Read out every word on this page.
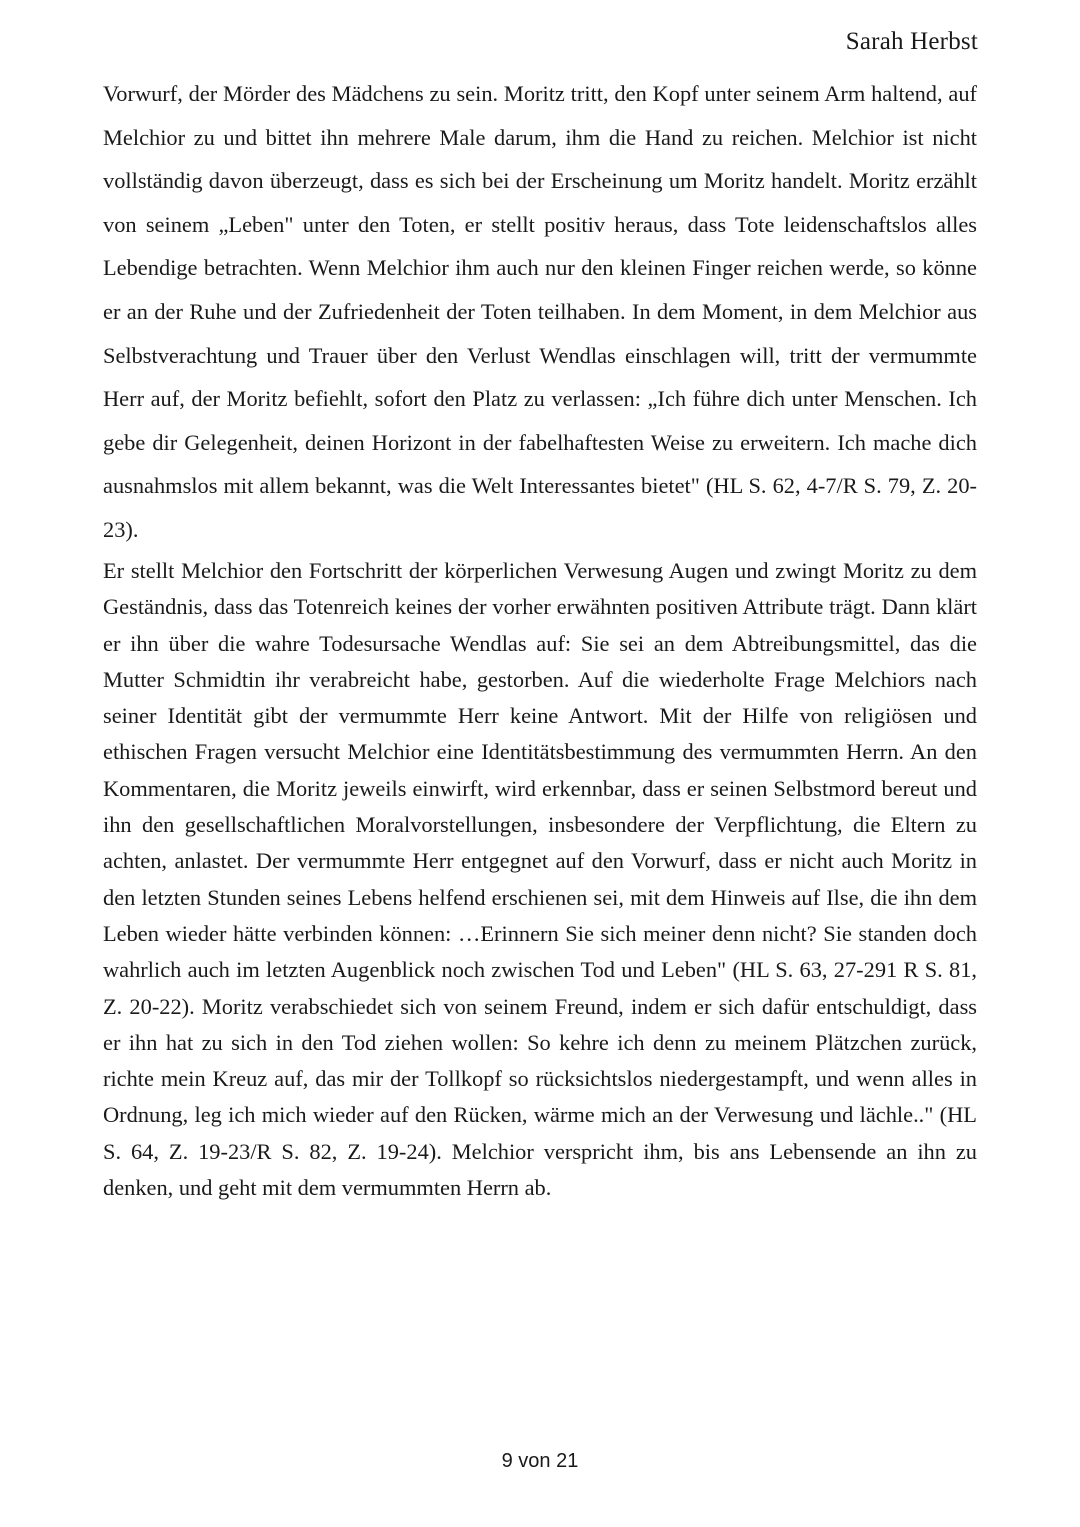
Sarah Herbst

Vorwurf, der Mörder des Mädchens zu sein. Moritz tritt, den Kopf unter seinem Arm haltend, auf Melchior zu und bittet ihn mehrere Male darum, ihm die Hand zu reichen. Melchior ist nicht vollständig davon überzeugt, dass es sich bei der Erscheinung um Moritz handelt. Moritz erzählt von seinem „Leben" unter den Toten, er stellt positiv heraus, dass Tote leidenschaftslos alles Lebendige betrachten. Wenn Melchior ihm auch nur den kleinen Finger reichen werde, so könne er an der Ruhe und der Zufriedenheit der Toten teilhaben. In dem Moment, in dem Melchior aus Selbstverachtung und Trauer über den Verlust Wendlas einschlagen will, tritt der vermummte Herr auf, der Moritz befiehlt, sofort den Platz zu verlassen: „Ich führe dich unter Menschen. Ich gebe dir Gelegenheit, deinen Horizont in der fabelhaftesten Weise zu erweitern. Ich mache dich ausnahmslos mit allem bekannt, was die Welt Interessantes bietet" (HL S. 62, 4-7/R S. 79, Z. 20-23).

Er stellt Melchior den Fortschritt der körperlichen Verwesung Augen und zwingt Moritz zu dem Geständnis, dass das Totenreich keines der vorher erwähnten positiven Attribute trägt. Dann klärt er ihn über die wahre Todesursache Wendlas auf: Sie sei an dem Abtreibungsmittel, das die Mutter Schmidtin ihr verabreicht habe, gestorben. Auf die wiederholte Frage Melchiors nach seiner Identität gibt der vermummte Herr keine Antwort. Mit der Hilfe von religiösen und ethischen Fragen versucht Melchior eine Identitätsbestimmung des vermummten Herrn. An den Kommentaren, die Moritz jeweils einwirft, wird erkennbar, dass er seinen Selbstmord bereut und ihn den gesellschaftlichen Moralvorstellungen, insbesondere der Verpflichtung, die Eltern zu achten, anlastet. Der vermummte Herr entgegnet auf den Vorwurf, dass er nicht auch Moritz in den letzten Stunden seines Lebens helfend erschienen sei, mit dem Hinweis auf Ilse, die ihn dem Leben wieder hätte verbinden können: …Erinnern Sie sich meiner denn nicht? Sie standen doch wahrlich auch im letzten Augenblick noch zwischen Tod und Leben" (HL S. 63, 27-291 R S. 81, Z. 20-22). Moritz verabschiedet sich von seinem Freund, indem er sich dafür entschuldigt, dass er ihn hat zu sich in den Tod ziehen wollen: So kehre ich denn zu meinem Plätzchen zurück, richte mein Kreuz auf, das mir der Tollkopf so rücksichtslos niedergestampft, und wenn alles in Ordnung, leg ich mich wieder auf den Rücken, wärme mich an der Verwesung und lächle.." (HL S. 64, Z. 19-23/R S. 82, Z. 19-24). Melchior verspricht ihm, bis ans Lebensende an ihn zu denken, und geht mit dem vermummten Herrn ab.

9 von 21
